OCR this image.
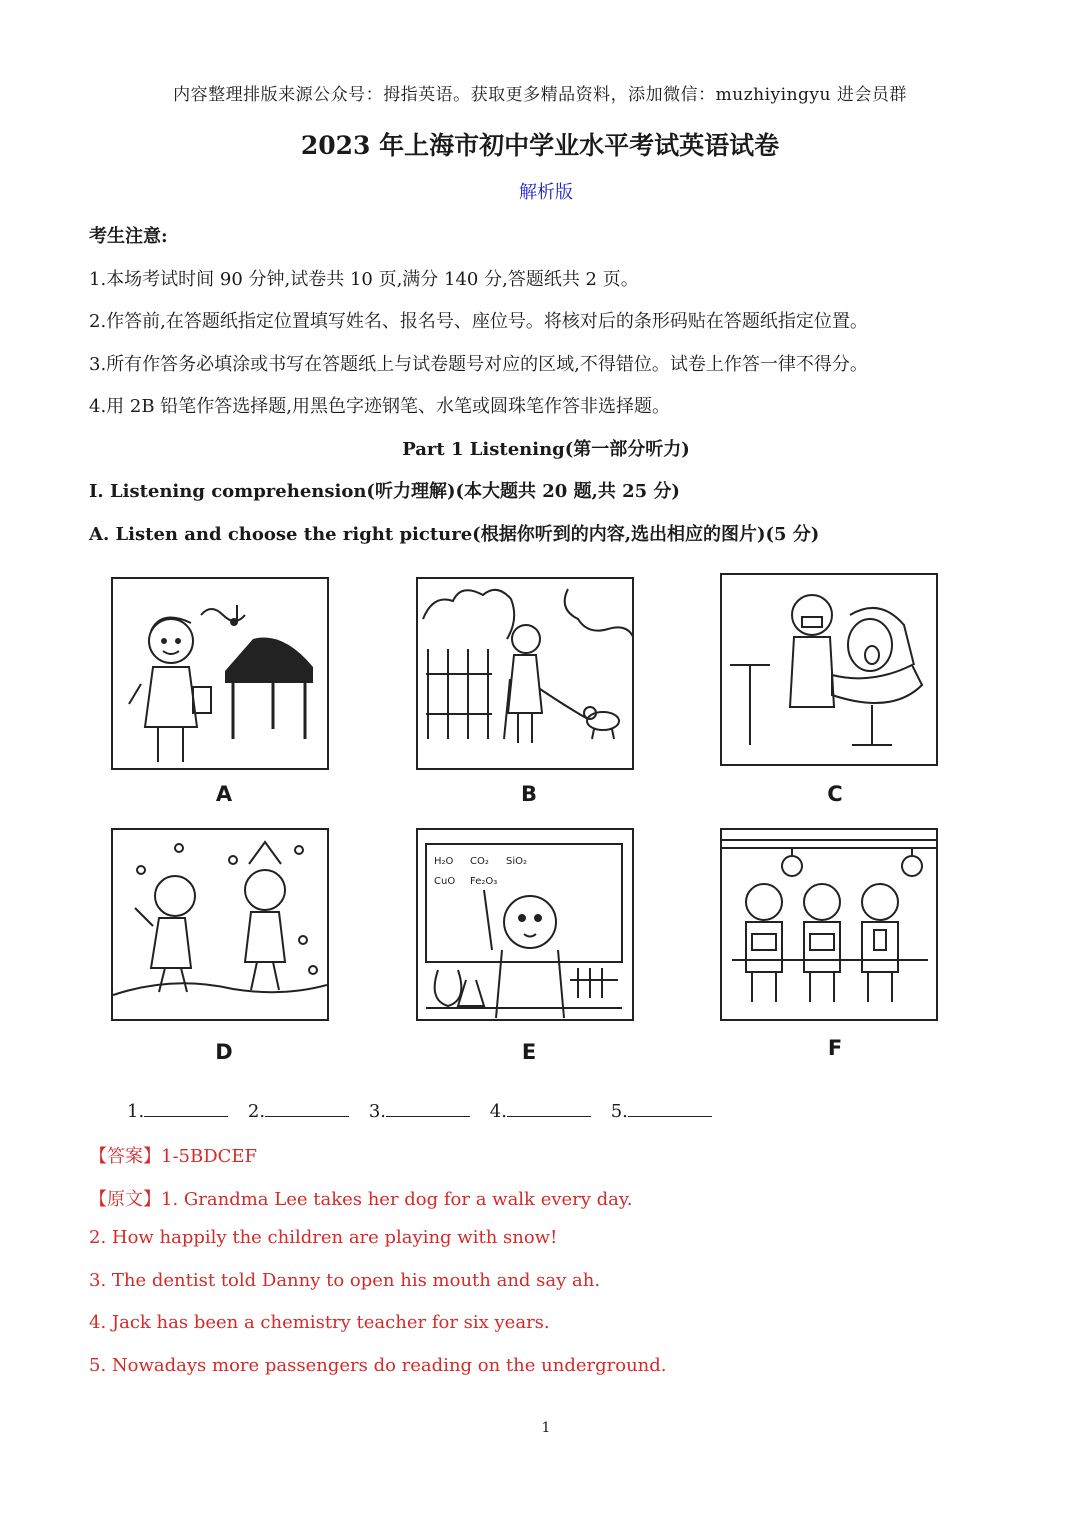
内容整理排版来源公众号：拇指英语。获取更多精品资料，添加微信：muzhiyingyu 进会员群
2023 年上海市初中学业水平考试英语试卷
解析版
考生注意:
1.本场考试时间 90 分钟,试卷共 10 页,满分 140 分,答题纸共 2 页。
2.作答前,在答题纸指定位置填写姓名、报名号、座位号。将核对后的条形码贴在答题纸指定位置。
3.所有作答务必填涂或书写在答题纸上与试卷题号对应的区域,不得错位。试卷上作答一律不得分。
4.用 2B 铅笔作答选择题,用黑色字迹钢笔、水笔或圆珠笔作答非选择题。
Part 1 Listening(第一部分听力)
I. Listening comprehension(听力理解)(本大题共 20 题,共 25 分)
A. Listen and choose the right picture(根据你听到的内容,选出相应的图片)(5 分)
A	B	C
D
H₂O CO₂ SiO₂
CuO Fe₂O₃
E	F
1.	2.	3.	4.	5.
【答案】1-5BDCEF
【原文】1. Grandma Lee takes her dog for a walk every day.
2. How happily the children are playing with snow!
3. The dentist told Danny to open his mouth and say ah.
4. Jack has been a chemistry teacher for six years.
5. Nowadays more passengers do reading on the underground.
1
